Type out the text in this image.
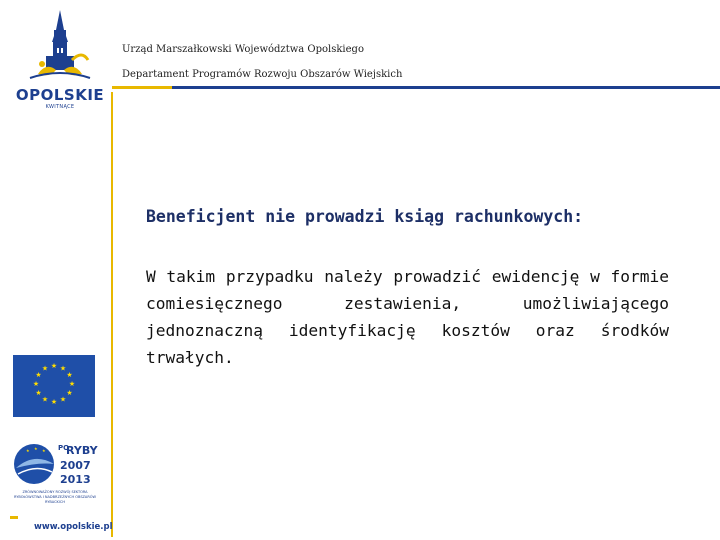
OPOLSKIE
KWITNĄCE
Urząd Marszałkowski Województwa Opolskiego
Departament Programów Rozwoju Obszarów Wiejskich
Beneficjent nie prowadzi ksiąg rachunkowych:
W takim przypadku należy prowadzić ewidencję w formie comiesięcznego zestawienia, umożliwiającego jednoznaczną identyfikację kosztów oraz środków trwałych.
★ ★
★
★
★
★
★
★
★
★
★
★
★ ★ ★ PO
RYBY
2007
2013
ZRÓWNOWAŻONY ROZWÓJ SEKTORA RYBOŁÓWSTWA I NADBRZEŻNYCH OBSZARÓW RYBACKICH
www.opolskie.pl
